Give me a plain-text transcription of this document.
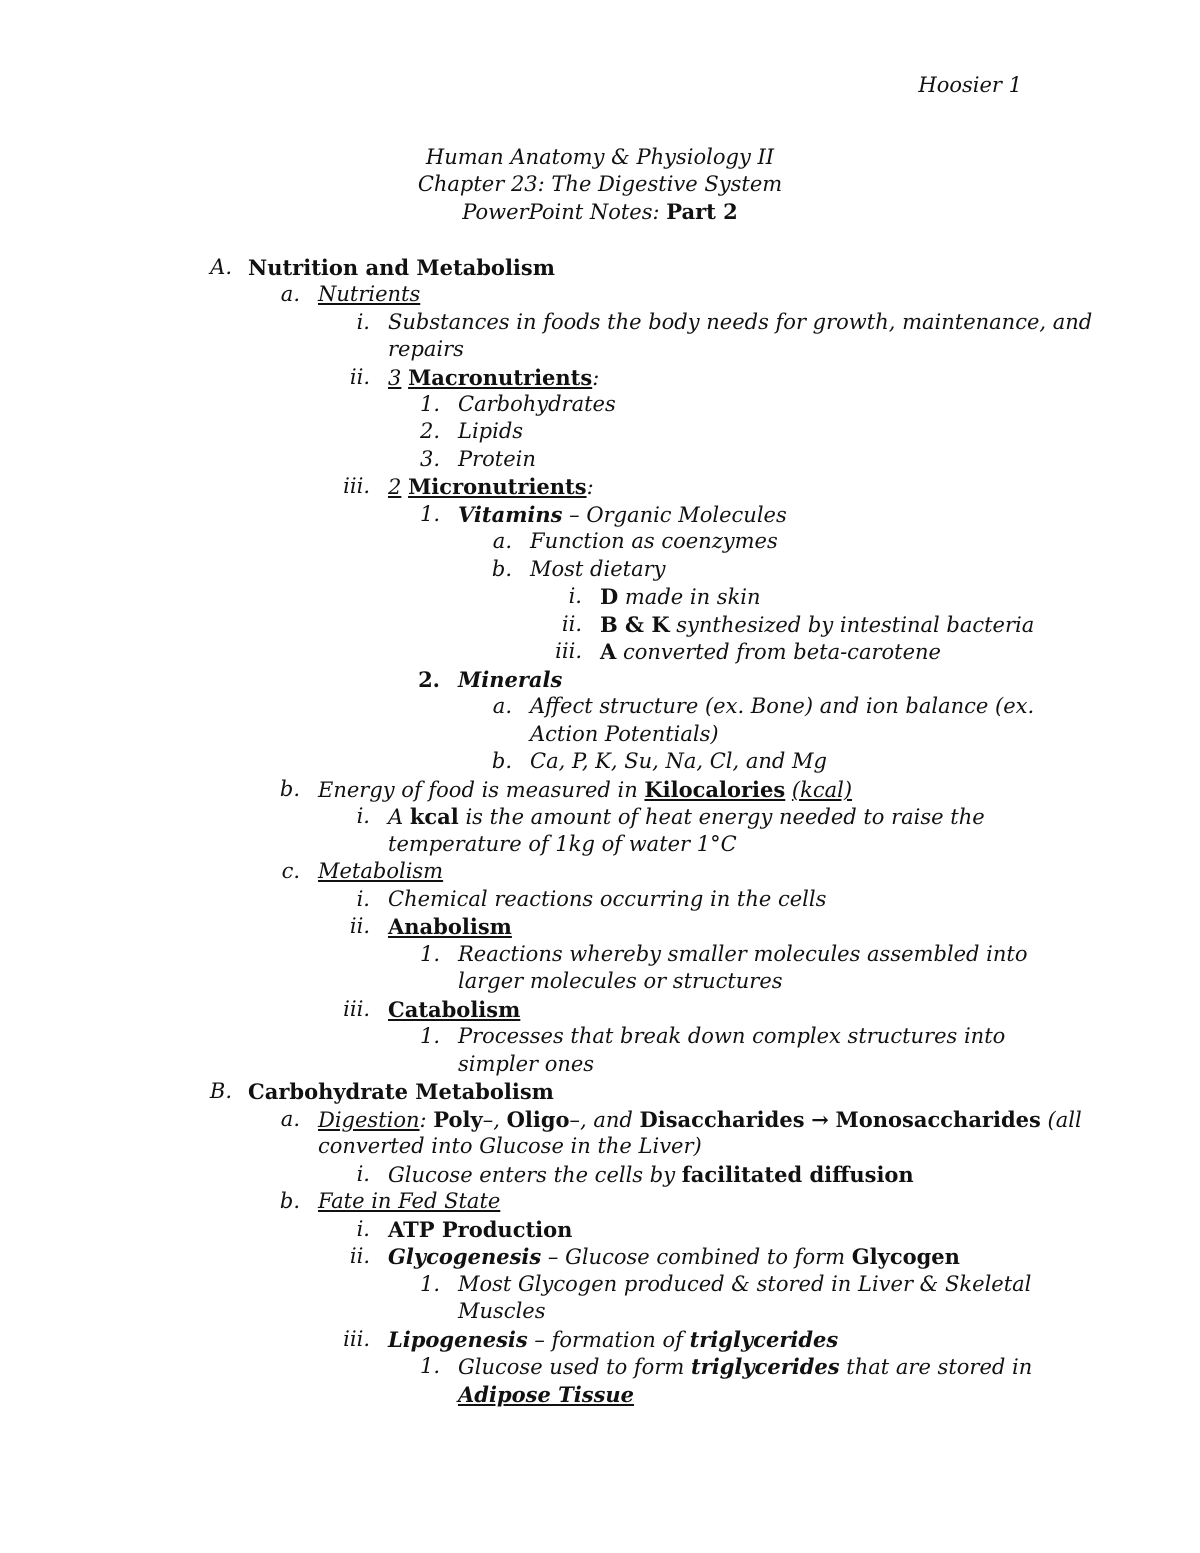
Hoosier 1
Human Anatomy & Physiology II
Chapter 23: The Digestive System
PowerPoint Notes: Part 2
A. Nutrition and Metabolism
a. Nutrients
i. Substances in foods the body needs for growth, maintenance, and
repairs
ii. 3 Macronutrients:
1. Carbohydrates
2. Lipids
3. Protein
iii. 2 Micronutrients:
1. Vitamins – Organic Molecules
a. Function as coenzymes
b. Most dietary
i. D made in skin
ii. B & K synthesized by intestinal bacteria
iii. A converted from beta-carotene
2. Minerals
a. Affect structure (ex. Bone) and ion balance (ex.
Action Potentials)
b. Ca, P, K, Su, Na, Cl, and Mg
b. Energy of food is measured in Kilocalories (kcal)
i. A kcal is the amount of heat energy needed to raise the
temperature of 1kg of water 1°C
c. Metabolism
i. Chemical reactions occurring in the cells
ii. Anabolism
1. Reactions whereby smaller molecules assembled into
larger molecules or structures
iii. Catabolism
1. Processes that break down complex structures into
simpler ones
B. Carbohydrate Metabolism
a. Digestion: Poly–, Oligo–, and Disaccharides → Monosaccharides (all
converted into Glucose in the Liver)
i. Glucose enters the cells by facilitated diffusion
b. Fate in Fed State
i. ATP Production
ii. Glycogenesis – Glucose combined to form Glycogen
1. Most Glycogen produced & stored in Liver & Skeletal
Muscles
iii. Lipogenesis – formation of triglycerides
1. Glucose used to form triglycerides that are stored in
Adipose Tissue
